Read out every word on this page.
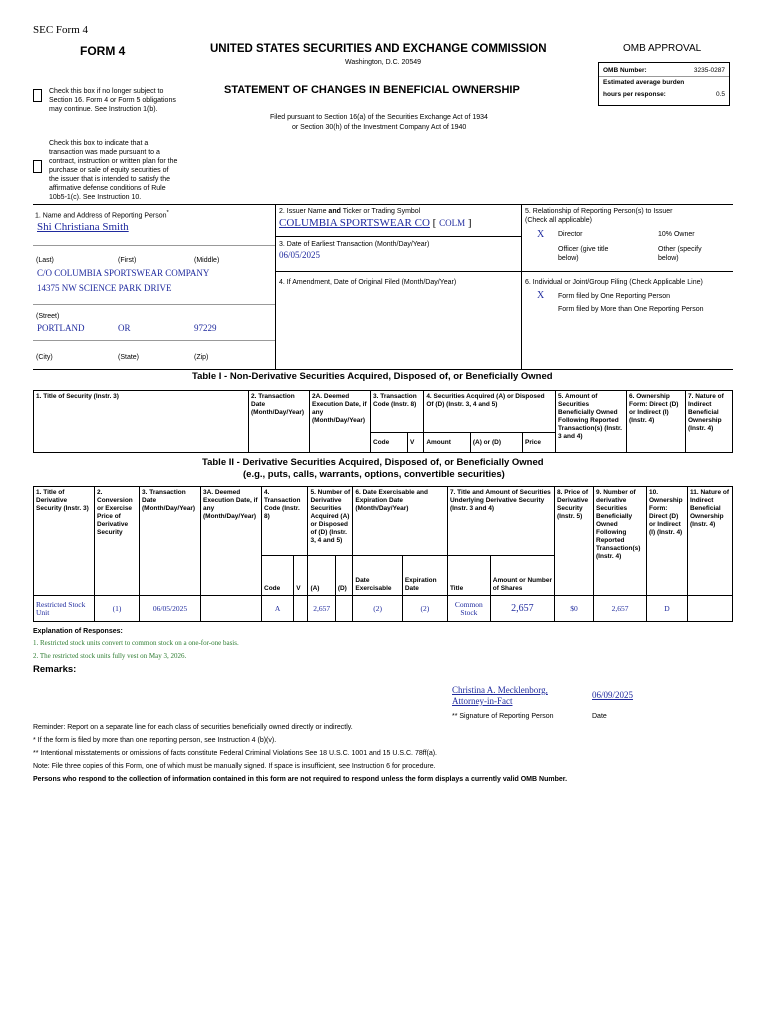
SEC Form 4
FORM 4	UNITED STATES SECURITIES AND EXCHANGE COMMISSION
Washington, D.C. 20549
STATEMENT OF CHANGES IN BENEFICIAL OWNERSHIP
Filed pursuant to Section 16(a) of the Securities Exchange Act of 1934
or Section 30(h) of the Investment Company Act of 1940
Check this box if no longer subject to Section 16. Form 4 or Form 5 obligations may continue. See Instruction 1(b).
Check this box to indicate that a transaction was made pursuant to a contract, instruction or written plan for the purchase or sale of equity securities of the issuer that is intended to satisfy the affirmative defense conditions of Rule 10b5-1(c). See Instruction 10.
OMB APPROVAL
OMB Number:	3235-0287
Estimated average burden
hours per response:	0.5
1. Name and Address of Reporting Person*
Shi Christiana Smith
(Last)	(First)	(Middle)
C/O COLUMBIA SPORTSWEAR COMPANY
14375 NW SCIENCE PARK DRIVE
(Street)
PORTLAND	OR	97229
(City)	(State)	(Zip)
2. Issuer Name and Ticker or Trading Symbol
COLUMBIA SPORTSWEAR CO [ COLM ]
3. Date of Earliest Transaction (Month/Day/Year)
06/05/2025
4. If Amendment, Date of Original Filed (Month/Day/Year)
5. Relationship of Reporting Person(s) to Issuer
(Check all applicable)
X Director	10% Owner
Officer (give title below)
Other (specify below)
6. Individual or Joint/Group Filing (Check Applicable Line)
X Form filed by One Reporting Person
Form filed by More than One Reporting Person
Table I - Non-Derivative Securities Acquired, Disposed of, or Beneficially Owned
1. Title of Security (Instr. 3)	2. Transaction Date (Month/Day/Year)	2A. Deemed Execution Date, if any (Month/Day/Year)	3. Transaction Code (Instr. 8)		4. Securities Acquired (A) or Disposed Of (D) (Instr. 3, 4 and 5)			5. Amount of Securities Beneficially Owned Following Reported Transaction(s) (Instr. 3 and 4)	6. Ownership Form: Direct (D) or Indirect (I) (Instr. 4)	7. Nature of Indirect Beneficial Ownership (Instr. 4)
			Code	V	Amount	(A) or (D)	Price			
Table II - Derivative Securities Acquired, Disposed of, or Beneficially Owned
(e.g., puts, calls, warrants, options, convertible securities)
1. Title of Derivative Security (Instr. 3)	2. Conversion or Exercise Price of Derivative Security	3. Transaction Date (Month/Day/Year)	3A. Deemed Execution Date, if any (Month/Day/Year)	4. Transaction Code (Instr. 8)		5. Number of Derivative Securities Acquired (A) or Disposed of (D) (Instr. 3, 4 and 5)		6. Date Exercisable and Expiration Date (Month/Day/Year)		7. Title and Amount of Securities Underlying Derivative Security (Instr. 3 and 4)		8. Price of Derivative Security (Instr. 5)	9. Number of derivative Securities Beneficially Owned Following Reported Transaction(s) (Instr. 4)	10. Ownership Form: Direct (D) or Indirect (I) (Instr. 4)	11. Nature of Indirect Beneficial Ownership (Instr. 4)
				Code	V	(A)	(D)	Date Exercisable	Expiration Date	Title	Amount or Number of Shares				
Restricted Stock Unit	(1)	06/05/2025		A		2,657		(2)	(2)	Common Stock	2,657	$0	2,657	D	
Explanation of Responses:
1. Restricted stock units convert to common stock on a one-for-one basis.
2. The restricted stock units fully vest on May 3, 2026.
Remarks:
Christina A. Mecklenborg,
Attorney-in-Fact
06/09/2025
** Signature of Reporting Person	Date
Reminder: Report on a separate line for each class of securities beneficially owned directly or indirectly.
* If the form is filed by more than one reporting person, see Instruction 4 (b)(v).
** Intentional misstatements or omissions of facts constitute Federal Criminal Violations See 18 U.S.C. 1001 and 15 U.S.C. 78ff(a).
Note: File three copies of this Form, one of which must be manually signed. If space is insufficient, see Instruction 6 for procedure.
Persons who respond to the collection of information contained in this form are not required to respond unless the form displays a currently valid OMB Number.
